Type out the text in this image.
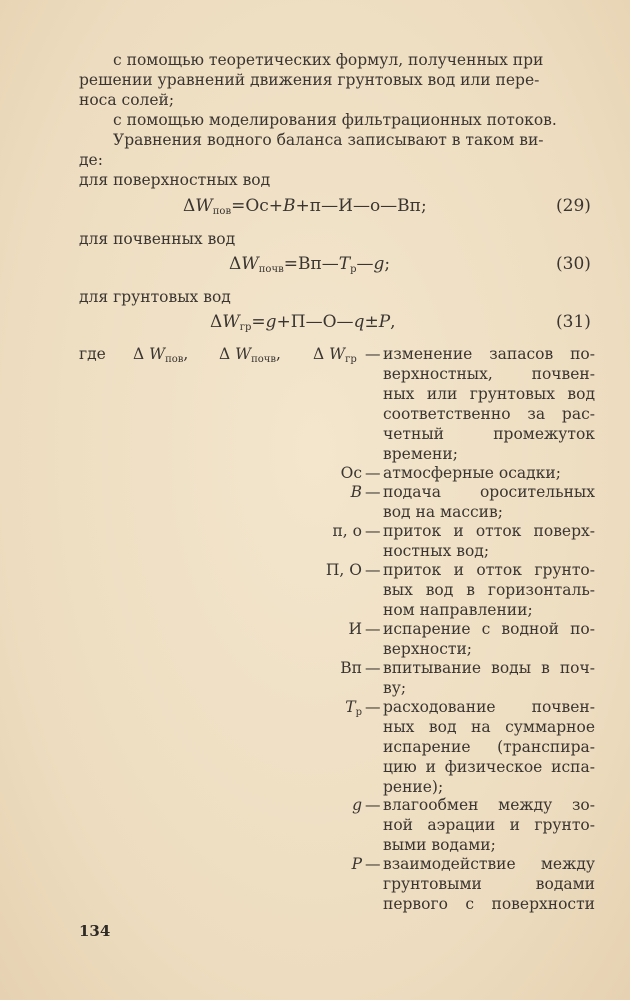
с помощью теоретических формул, полученных при
решении уравнений движения грунтовых вод или пере-
носа солей;
с помощью моделирования фильтрационных потоков.
Уравнения водного баланса записывают в таком ви-
де:
для поверхностных вод
$\Delta W_{пов}=Ос+B+п—И—о—Вп$;	(29)
для почвенных вод
$\Delta W_{почв}=Вп—T_р—g$;	(30)
для грунтовых вод
$\Delta W_{гр}=g+П—О—q\pm P$,	(31)
где Δ $W_{пов}$, Δ $W_{почв}$, Δ $W_{гр}$ — изменение запасов по-
верхностных, почвен-
ных или грунтовых вод
соответственно за рас-
четный промежуток
времени;
Ос — атмосферные осадки;
B — подача оросительных
вод на массив;
п, о — приток и отток поверх-
ностных вод;
П, О — приток и отток грунто-
вых вод в горизонталь-
ном направлении;
И — испарение с водной по-
верхности;
Вп — впитывание воды в поч-
ву;
$T_р$ — расходование почвен-
ных вод на суммарное
испарение (транспира-
цию и физическое испа-
рение);
g — влагообмен между зо-
ной аэрации и грунто-
выми водами;
P — взаимодействие между
грунтовыми водами
первого с поверхности
134
